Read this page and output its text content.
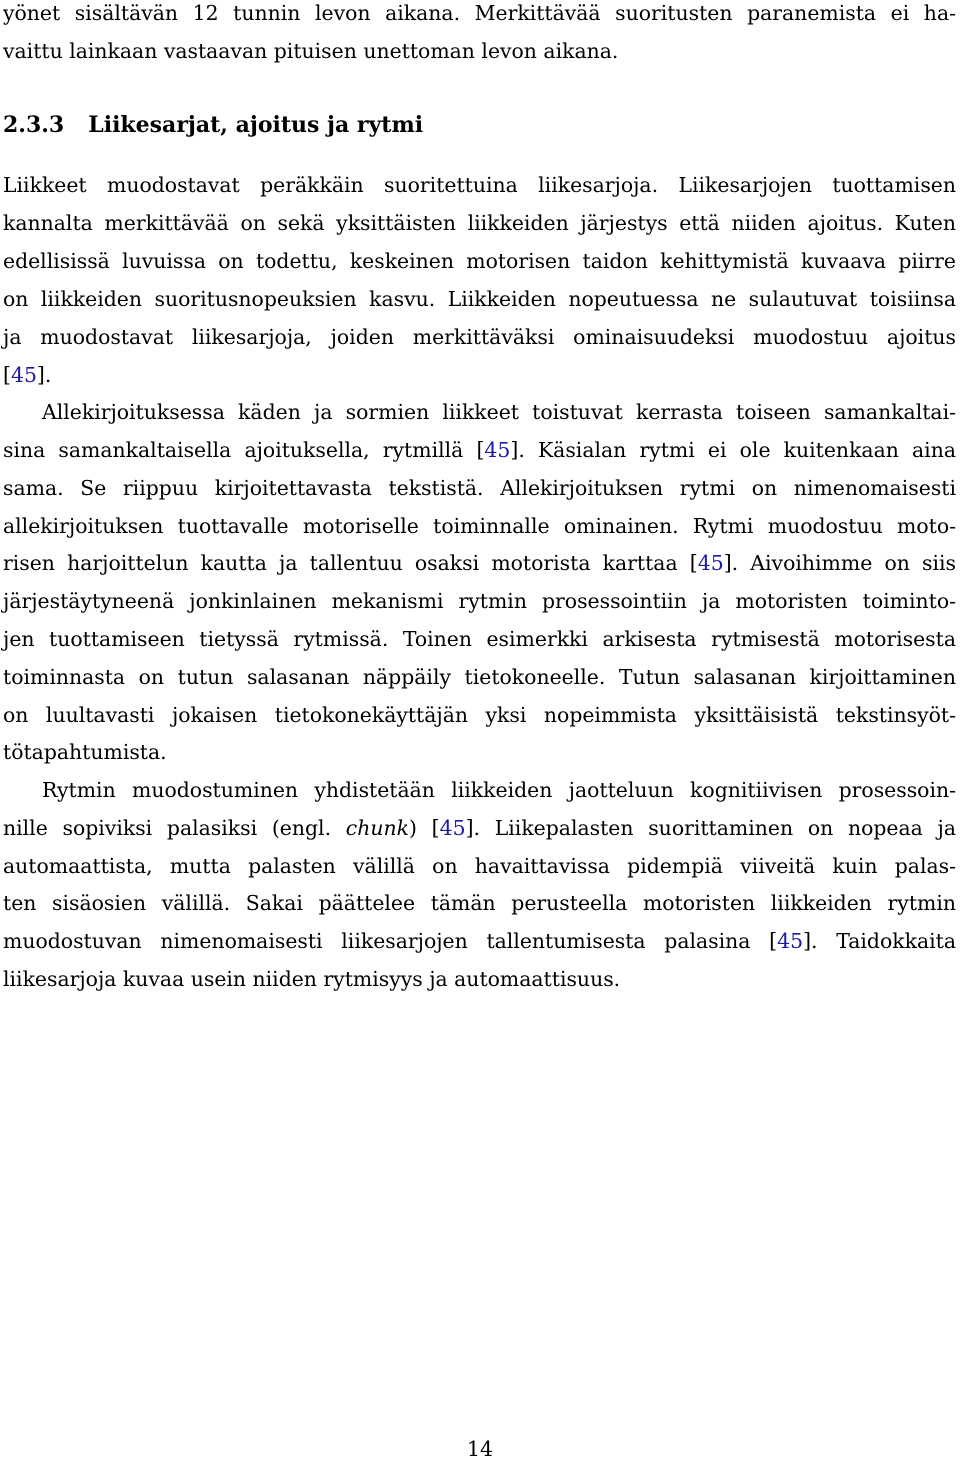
yönet sisältävän 12 tunnin levon aikana. Merkittävää suoritusten paranemista ei ha-
vaittu lainkaan vastaavan pituisen unettoman levon aikana.
2.3.3 Liikesarjat, ajoitus ja rytmi
Liikkeet muodostavat peräkkäin suoritettuina liikesarjoja. Liikesarjojen tuottamisen
kannalta merkittävää on sekä yksittäisten liikkeiden järjestys että niiden ajoitus. Kuten
edellisissä luvuissa on todettu, keskeinen motorisen taidon kehittymistä kuvaava piirre
on liikkeiden suoritusnopeuksien kasvu. Liikkeiden nopeutuessa ne sulautuvat toisiinsa
ja muodostavat liikesarjoja, joiden merkittäväksi ominaisuudeksi muodostuu ajoitus
[45].
Allekirjoituksessa käden ja sormien liikkeet toistuvat kerrasta toiseen samankaltai-
sina samankaltaisella ajoituksella, rytmillä [45]. Käsialan rytmi ei ole kuitenkaan aina
sama. Se riippuu kirjoitettavasta tekstistä. Allekirjoituksen rytmi on nimenomaisesti
allekirjoituksen tuottavalle motoriselle toiminnalle ominainen. Rytmi muodostuu moto-
risen harjoittelun kautta ja tallentuu osaksi motorista karttaa [45]. Aivoihimme on siis
järjestäytyneenä jonkinlainen mekanismi rytmin prosessointiin ja motoristen toiminto-
jen tuottamiseen tietyssä rytmissä. Toinen esimerkki arkisesta rytmisestä motorisesta
toiminnasta on tutun salasanan näppäily tietokoneelle. Tutun salasanan kirjoittaminen
on luultavasti jokaisen tietokonekäyttäjän yksi nopeimmista yksittäisistä tekstinsyöt-
tötapahtumista.
Rytmin muodostuminen yhdistetään liikkeiden jaotteluun kognitiivisen prosessoin-
nille sopiviksi palasiksi (engl. chunk) [45]. Liikepalasten suorittaminen on nopeaa ja
automaattista, mutta palasten välillä on havaittavissa pidempiä viiveitä kuin palas-
ten sisäosien välillä. Sakai päättelee tämän perusteella motoristen liikkeiden rytmin
muodostuvan nimenomaisesti liikesarjojen tallentumisesta palasina [45]. Taidokkaita
liikesarjoja kuvaa usein niiden rytmisyys ja automaattisuus.
14
